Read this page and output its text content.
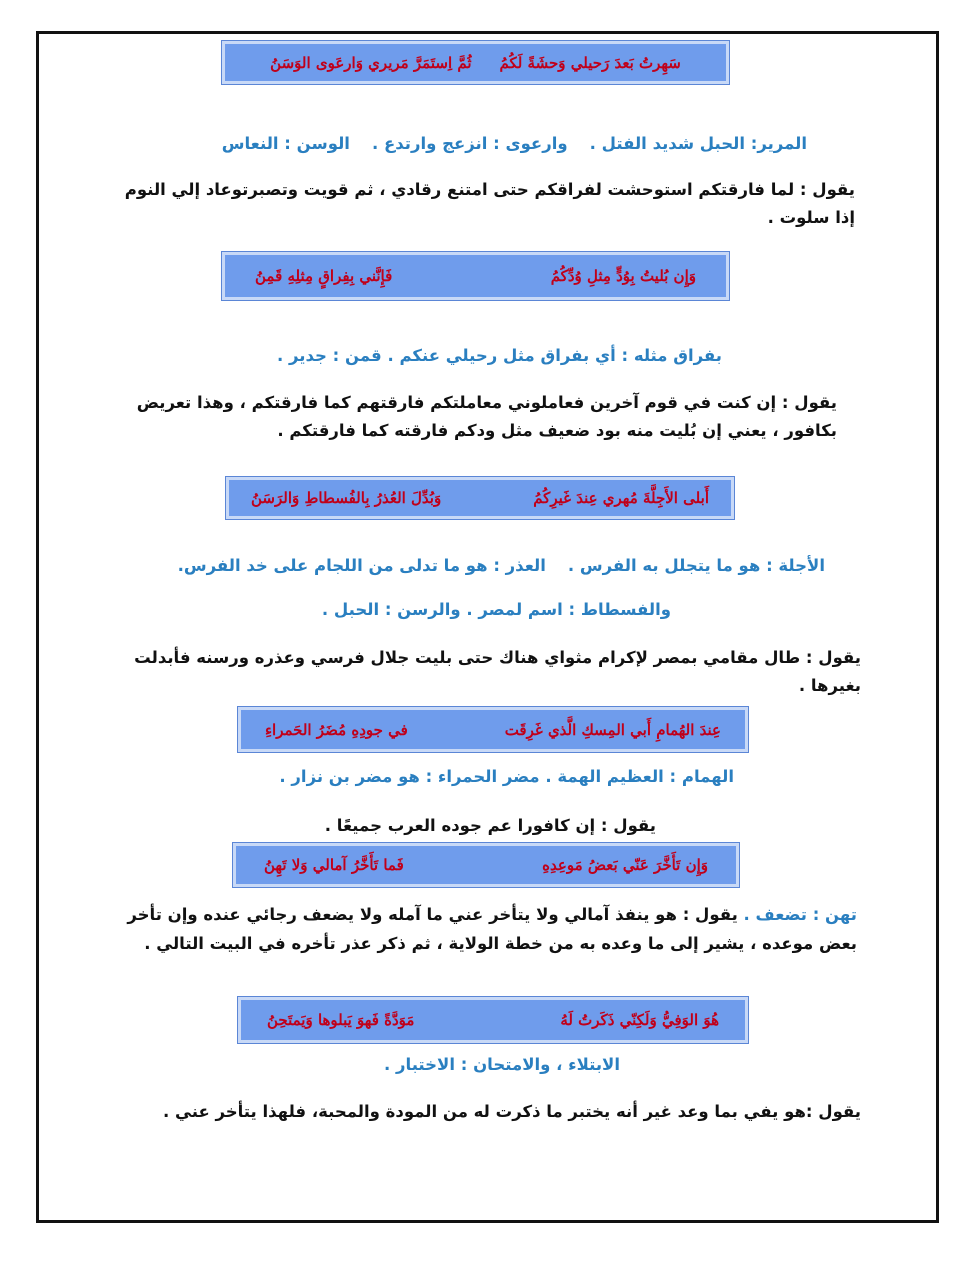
سَهِرتُ بَعدَ رَحيلي وَحشَةً لَكُمُ
ثُمَّ اِستَمَرَّ مَريري وَارعَوى الوَسَنُ
المرير: الحبل شديد الفتل .وارعوى : انزعج وارتدع .الوسن : النعاس
يقول : لما فارقتكم استوحشت لفراقكم حتى امتنع رقادي ، ثم قويت وتصبرتوعاد إلي النوم إذا سلوت .
وَإِن بُليتُ بِوُدٍّ مِثلِ وُدِّكُمُ
فَإِنَّني بِفِراقٍ مِثلِهِ قَمِنُ
بفراق مثله : أي بفراق مثل رحيلي عنكم . قمن : جدير .
يقول : إن كنت في قوم آخرين فعاملوني معاملتكم فارقتهم كما فارقتكم ، وهذا تعريض بكافور ، يعني إن بُليت منه بود ضعيف مثل ودكم فارقته كما فارقتكم .
أَبلى الأَجِلَّةَ مُهري عِندَ غَيرِكُمُ
وَبُدِّلَ العُذرُ بِالفُسطاطِ وَالرَسَنُ
الأجلة : هو ما يتجلل به الفرس .العذر : هو ما تدلى من اللجام على خد الفرس.
والفسطاط : اسم لمصر . والرسن : الحبل .
يقول : طال مقامي بمصر لإكرام مثواي هناك حتى بليت جلال فرسي وعذره ورسنه فأبدلت بغيرها .
عِندَ الهُمامِ أَبي المِسكِ الَّذي غَرِقَت
في جودِهِ مُضَرُ الحَمراءِ
الهمام : العظيم الهمة . مضر الحمراء : هو مضر بن نزار .
يقول : إن كافورا عم جوده العرب جميعًا .
وَإِن تَأَخَّرَ عَنّي بَعضُ مَوعِدِهِ
فَما تَأَخَّرُ آمالي وَلا تَهِنُ
تهن : تضعف . يقول : هو ينفذ آمالي ولا يتأخر عني ما آمله ولا يضعف رجائي عنده وإن تأخر بعض موعده ، يشير إلى ما وعده به من خطة الولاية ، ثم ذكر عذر تأخره في البيت التالي .
هُوَ الوَفِيُّ وَلَكِنّي ذَكَرتُ لَهُ
مَوَدَّةً فَهوَ يَبلوها وَيَمتَحِنُ
الابتلاء ، والامتحان : الاختبار .
يقول :هو يفي بما وعد غير أنه يختبر ما ذكرت له من المودة والمحبة، فلهذا يتأخر عني .
